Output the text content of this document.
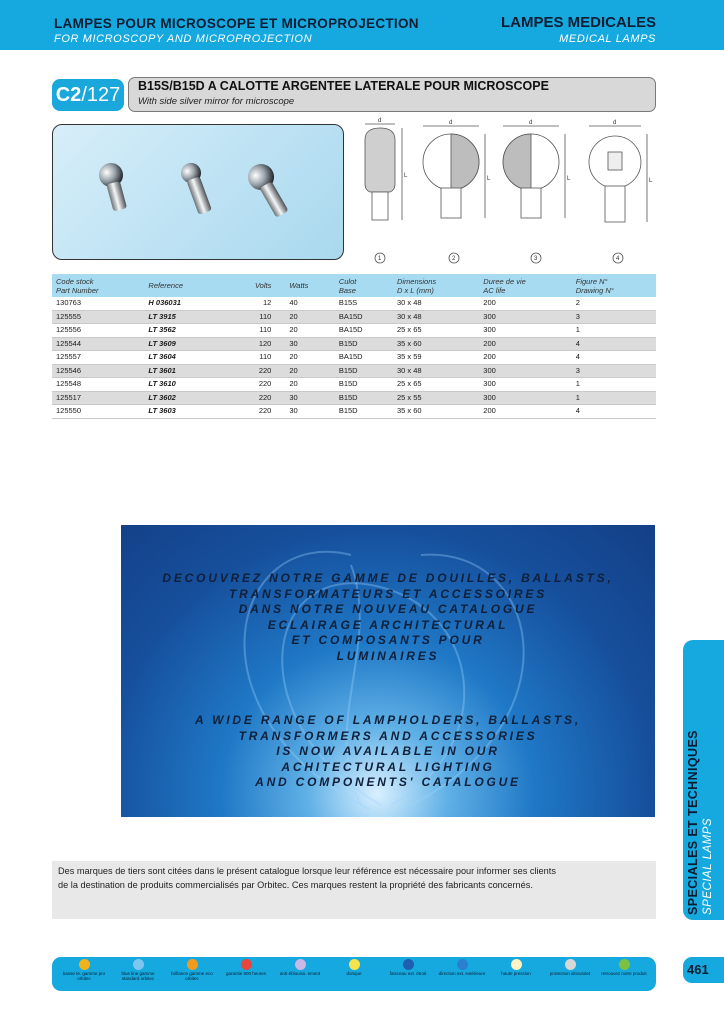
LAMPES POUR MICROSCOPE ET MICROPROJECTION
FOR MICROSCOPY AND MICROPROJECTION
LAMPES MEDICALES
MEDICAL LAMPS
C2/127	B15S/B15D A CALOTTE ARGENTEE LATERALE POUR MICROSCOPE
With side silver mirror for microscope
d
L
d
L
d
L
d
L
1	2	3	4
Code stock
Part Number	Reference	Volts	Watts	Culot
Base	Dimensions
D x L (mm)	Duree de vie
AC life	Figure N°
Drawing N°
130763	H 036031	12	40	B15S	30 x 48	200	2
125555	LT 3915	110	20	BA15D	30 x 48	300	3
125556	LT 3562	110	20	BA15D	25 x 65	300	1
125544	LT 3609	120	30	B15D	35 x 60	200	4
125557	LT 3604	110	20	BA15D	35 x 59	200	4
125546	LT 3601	220	20	B15D	30 x 48	300	3
125548	LT 3610	220	20	B15D	25 x 65	300	1
125517	LT 3602	220	30	B15D	25 x 55	300	1
125550	LT 3603	220	30	B15D	35 x 60	200	4
DECOUVREZ NOTRE GAMME DE DOUILLES, BALLASTS,
TRANSFORMATEURS ET ACCESSOIRES
DANS NOTRE NOUVEAU CATALOGUE
ECLAIRAGE ARCHITECTURAL
ET COMPOSANTS POUR
LUMINAIRES
A WIDE RANGE OF LAMPHOLDERS, BALLASTS,
TRANSFORMERS AND ACCESSORIES
IS NOW AVAILABLE IN OUR
ACHITECTURAL LIGHTING
AND COMPONENTS' CATALOGUE	SPECIALES ET TECHNIQUES SPECIAL LAMPS

Des marques de tiers sont citées dans le présent catalogue lorsque leur référence est nécessaire pour informer ses clients

de la destination de produits commercialisés par Orbitec. Ces marques restent la propriété des fabricants concernés.

basse te. gamme pro orbitec
blue line gamme standard orbitec
brillance gamme eco orbitec
garantie 800 heures	anti-éblouiss. ement	dorique	faisceau ext. étroit	direction ext. extérieure	haute pression	protection ultraviolet	retrouvez notre produit	461
